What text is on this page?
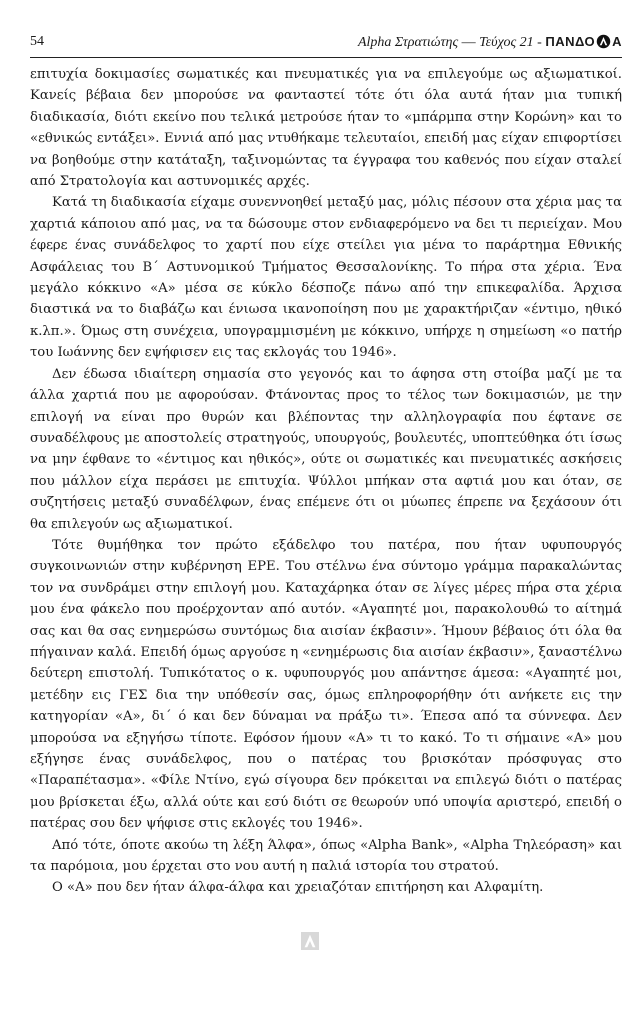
54	Alpha Στρατιώτης — Τεύχος 21 - ΠΑΝΔΟ Α

επιτυχία δοκιμασίες σωματικές και πνευματικές για να επιλεγούμε ως αξιωματικοί. Κανείς βέβαια δεν μπορούσε να φανταστεί τότε ότι όλα αυτά ήταν μια τυπική διαδικασία, διότι εκείνο που τελικά μετρούσε ήταν το «μπάρμπα στην Κορώνη» και το «εθνικώς εντάξει». Εννιά από μας ντυθήκαμε τελευταίοι, επειδή μας είχαν επιφορτίσει να βοηθούμε στην κατάταξη, ταξινομώντας τα έγγραφα του καθενός που είχαν σταλεί από Στρατολογία και αστυνομικές αρχές.

Κατά τη διαδικασία είχαμε συνεννοηθεί μεταξύ μας, μόλις πέσουν στα χέρια μας τα χαρτιά κάποιου από μας, να τα δώσουμε στον ενδιαφερόμενο να δει τι περιείχαν. Μου έφερε ένας συνάδελφος το χαρτί που είχε στείλει για μένα το παράρτημα Εθνικής Ασφάλειας του Β΄ Αστυνομικού Τμήματος Θεσσαλονίκης. Το πήρα στα χέρια. Ένα μεγάλο κόκκινο «Α» μέσα σε κύκλο δέσποζε πάνω από την επικεφαλίδα. Άρχισα διαστικά να το διαβάζω και ένιωσα ικανοποίηση που με χαρακτήριζαν «έντιμο, ηθικό κ.λπ.». Όμως στη συνέχεια, υπογραμμισμένη με κόκκινο, υπήρχε η σημείωση «ο πατήρ του Ιωάννης δεν εψήφισεν εις τας εκλογάς του 1946».

Δεν έδωσα ιδιαίτερη σημασία στο γεγονός και το άφησα στη στοίβα μαζί με τα άλλα χαρτιά που με αφορούσαν. Φτάνοντας προς το τέλος των δοκιμασιών, με την επιλογή να είναι προ θυρών και βλέποντας την αλληλογραφία που έφτανε σε συναδέλφους με αποστολείς στρατηγούς, υπουργούς, βουλευτές, υποπτεύθηκα ότι ίσως να μην έφθανε το «έντιμος και ηθικός», ούτε οι σωματικές και πνευματικές ασκήσεις που μάλλον είχα περάσει με επιτυχία. Ψύλλοι μπήκαν στα αφτιά μου και όταν, σε συζητήσεις μεταξύ συναδέλφων, ένας επέμενε ότι οι μύωπες έπρεπε να ξεχάσουν ότι θα επιλεγούν ως αξιωματικοί.

Τότε θυμήθηκα τον πρώτο εξάδελφο του πατέρα, που ήταν υφυπουργός συγκοινωνιών στην κυβέρνηση ΕΡΕ. Του στέλνω ένα σύντομο γράμμα παρακαλώντας τον να συνδράμει στην επιλογή μου. Καταχάρηκα όταν σε λίγες μέρες πήρα στα χέρια μου ένα φάκελο που προέρχονταν από αυτόν. «Αγαπητέ μοι, παρακολουθώ το αίτημά σας και θα σας ενημερώσω συντόμως δια αισίαν έκβασιν». Ήμουν βέβαιος ότι όλα θα πήγαιναν καλά. Επειδή όμως αργούσε η «ενημέρωσις δια αισίαν έκβασιν», ξαναστέλνω δεύτερη επιστολή. Τυπικότατος ο κ. υφυπουργός μου απάντησε άμεσα: «Αγαπητέ μοι, μετέδην εις ΓΕΣ δια την υπόθεσίν σας, όμως επληροφορήθην ότι ανήκετε εις την κατηγορίαν «Α», δι΄ ό και δεν δύναμαι να πράξω τι». Έπεσα από τα σύννεφα. Δεν μπορούσα να εξηγήσω τίποτε. Εφόσον ήμουν «Α» τι το κακό. Το τι σήμαινε «Α» μου εξήγησε ένας συνάδελφος, που ο πατέρας του βρισκόταν πρόσφυγας στο «Παραπέτασμα». «Φίλε Ντίνο, εγώ σίγουρα δεν πρόκειται να επιλεγώ διότι ο πατέρας μου βρίσκεται έξω, αλλά ούτε και εσύ διότι σε θεωρούν υπό υποψία αριστερό, επειδή ο πατέρας σου δεν ψήφισε στις εκλογές του 1946».

Από τότε, όποτε ακούω τη λέξη Άλφα», όπως «Alpha Bank», «Alpha Τηλεόραση» και τα παρόμοια, μου έρχεται στο νου αυτή η παλιά ιστορία του στρατού.

Ο «Α» που δεν ήταν άλφα-άλφα και χρειαζόταν επιτήρηση και Αλφαμίτη.
